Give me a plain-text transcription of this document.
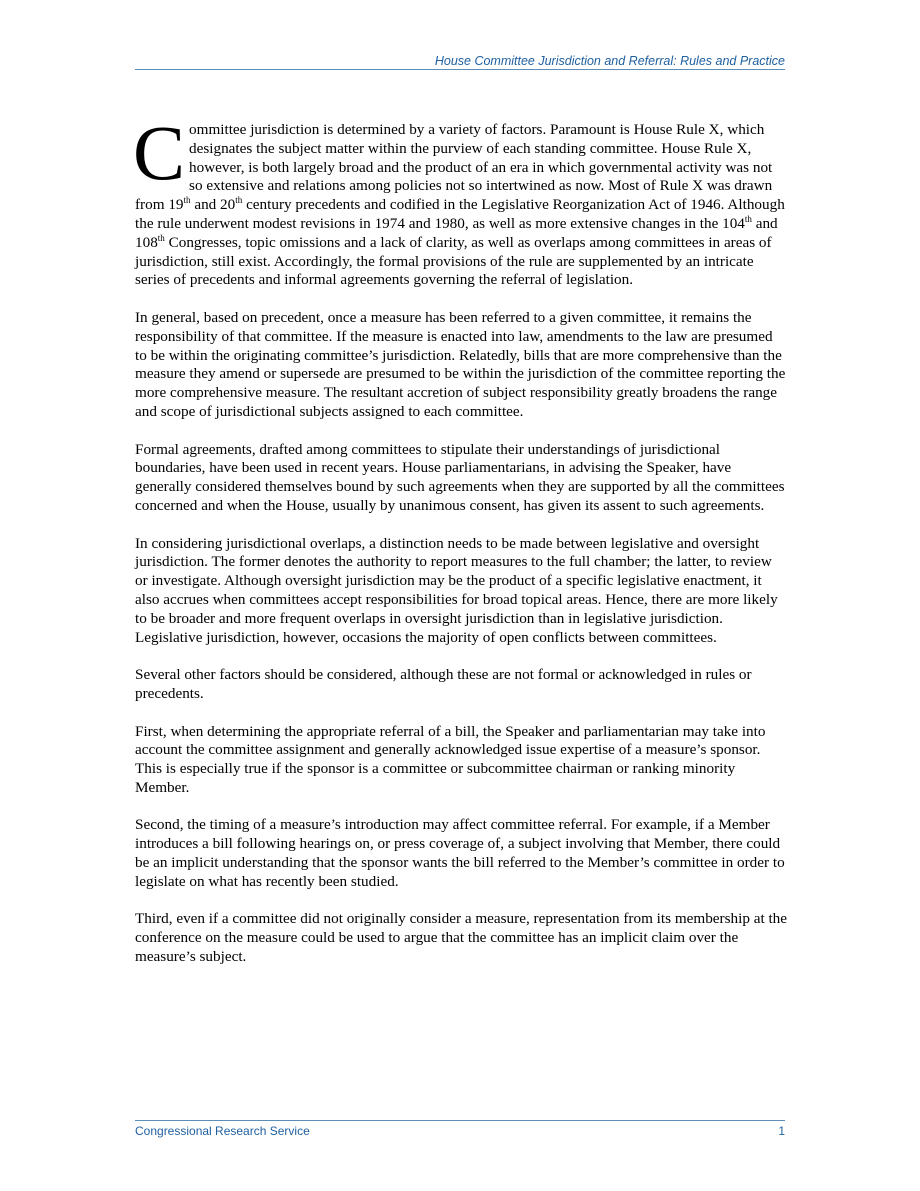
House Committee Jurisdiction and Referral: Rules and Practice

Committee jurisdiction is determined by a variety of factors. Paramount is House Rule X, which designates the subject matter within the purview of each standing committee. House Rule X, however, is both largely broad and the product of an era in which governmental activity was not so extensive and relations among policies not so intertwined as now. Most of Rule X was drawn from 19th and 20th century precedents and codified in the Legislative Reorganization Act of 1946. Although the rule underwent modest revisions in 1974 and 1980, as well as more extensive changes in the 104th and 108th Congresses, topic omissions and a lack of clarity, as well as overlaps among committees in areas of jurisdiction, still exist. Accordingly, the formal provisions of the rule are supplemented by an intricate series of precedents and informal agreements governing the referral of legislation.

In general, based on precedent, once a measure has been referred to a given committee, it remains the responsibility of that committee. If the measure is enacted into law, amendments to the law are presumed to be within the originating committee’s jurisdiction. Relatedly, bills that are more comprehensive than the measure they amend or supersede are presumed to be within the jurisdiction of the committee reporting the more comprehensive measure. The resultant accretion of subject responsibility greatly broadens the range and scope of jurisdictional subjects assigned to each committee.

Formal agreements, drafted among committees to stipulate their understandings of jurisdictional boundaries, have been used in recent years. House parliamentarians, in advising the Speaker, have generally considered themselves bound by such agreements when they are supported by all the committees concerned and when the House, usually by unanimous consent, has given its assent to such agreements.

In considering jurisdictional overlaps, a distinction needs to be made between legislative and oversight jurisdiction. The former denotes the authority to report measures to the full chamber; the latter, to review or investigate. Although oversight jurisdiction may be the product of a specific legislative enactment, it also accrues when committees accept responsibilities for broad topical areas. Hence, there are more likely to be broader and more frequent overlaps in oversight jurisdiction than in legislative jurisdiction. Legislative jurisdiction, however, occasions the majority of open conflicts between committees.

Several other factors should be considered, although these are not formal or acknowledged in rules or precedents.

First, when determining the appropriate referral of a bill, the Speaker and parliamentarian may take into account the committee assignment and generally acknowledged issue expertise of a measure’s sponsor. This is especially true if the sponsor is a committee or subcommittee chairman or ranking minority Member.

Second, the timing of a measure’s introduction may affect committee referral. For example, if a Member introduces a bill following hearings on, or press coverage of, a subject involving that Member, there could be an implicit understanding that the sponsor wants the bill referred to the Member’s committee in order to legislate on what has recently been studied.

Third, even if a committee did not originally consider a measure, representation from its membership at the conference on the measure could be used to argue that the committee has an implicit claim over the measure’s subject.

Congressional Research Service	1
